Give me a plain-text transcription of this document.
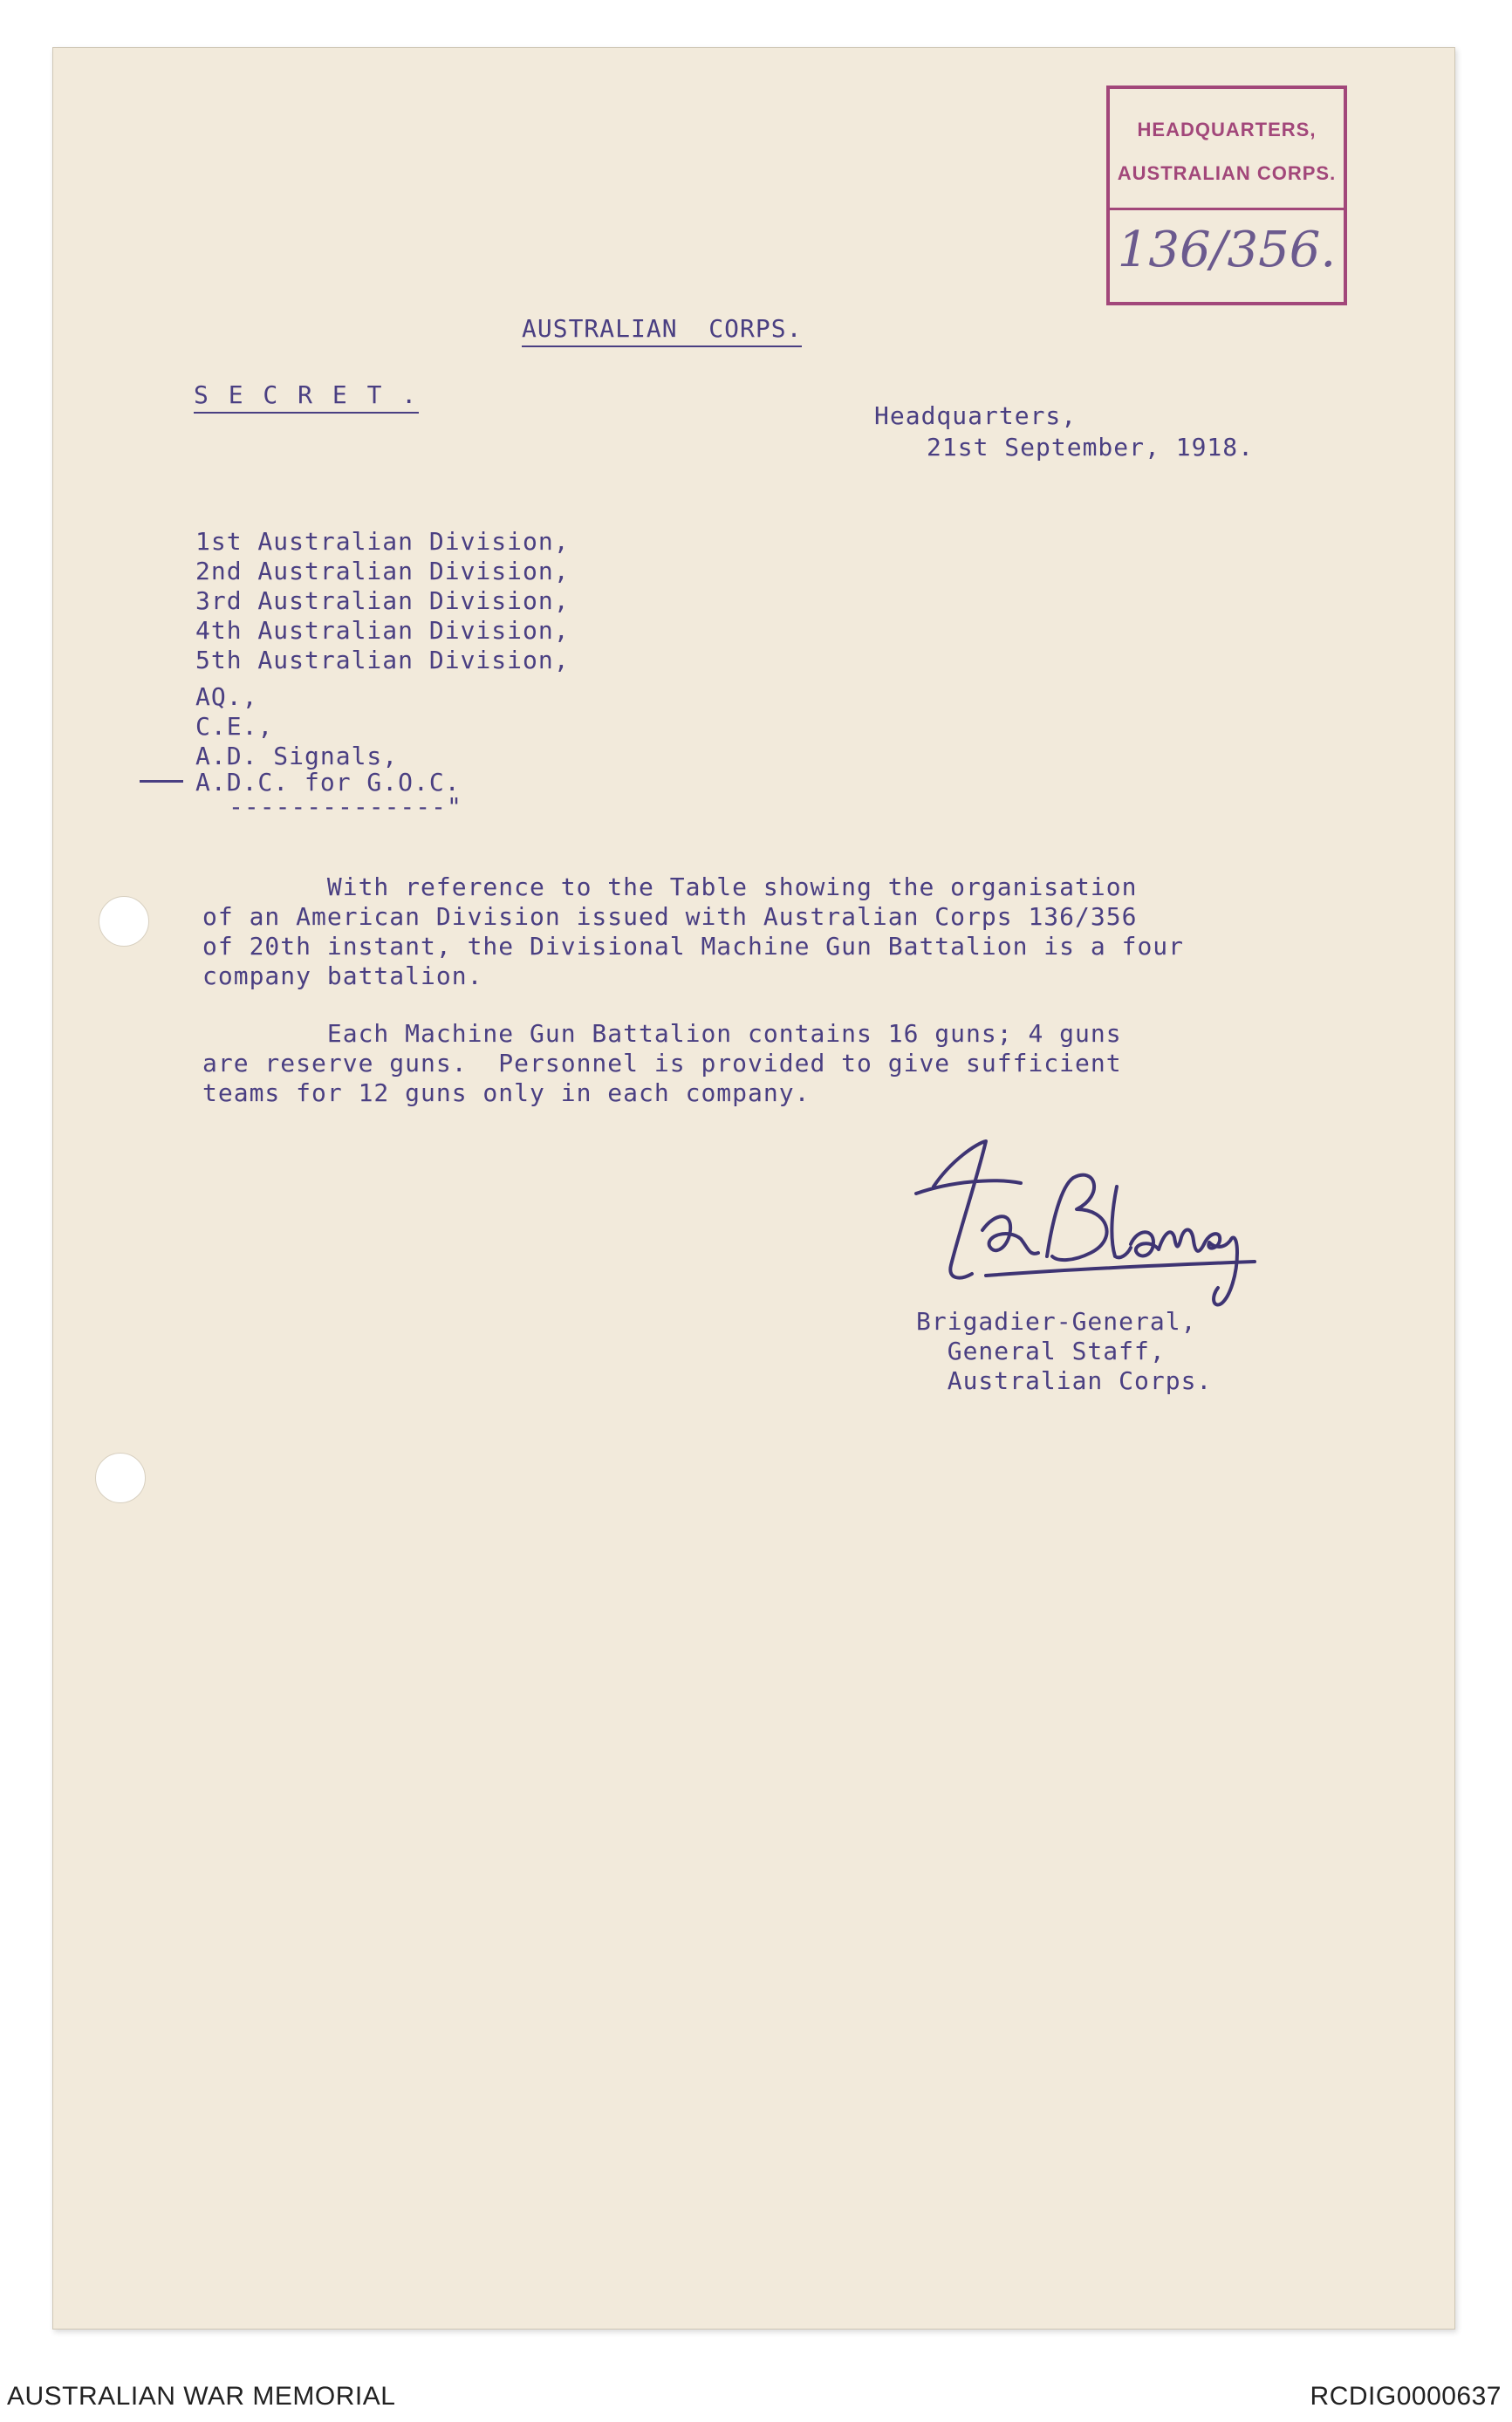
HEADQUARTERS,
AUSTRALIAN CORPS.
136/356.
AUSTRALIAN  CORPS.
S E C R E T .
Headquarters,
21st September, 1918.
1st Australian Division,
2nd Australian Division,
3rd Australian Division,
4th Australian Division,
5th Australian Division,
AQ.,
C.E.,
A.D. Signals,
A.D.C. for G.O.C.
--------------"
With reference to the Table showing the organisation
of an American Division issued with Australian Corps 136/356
of 20th instant, the Divisional Machine Gun Battalion is a four
company battalion.
Each Machine Gun Battalion contains 16 guns; 4 guns
are reserve guns.  Personnel is provided to give sufficient
teams for 12 guns only in each company.
Brigadier-General,
General Staff,
Australian Corps.
AUSTRALIAN WAR MEMORIAL	RCDIG0000637
